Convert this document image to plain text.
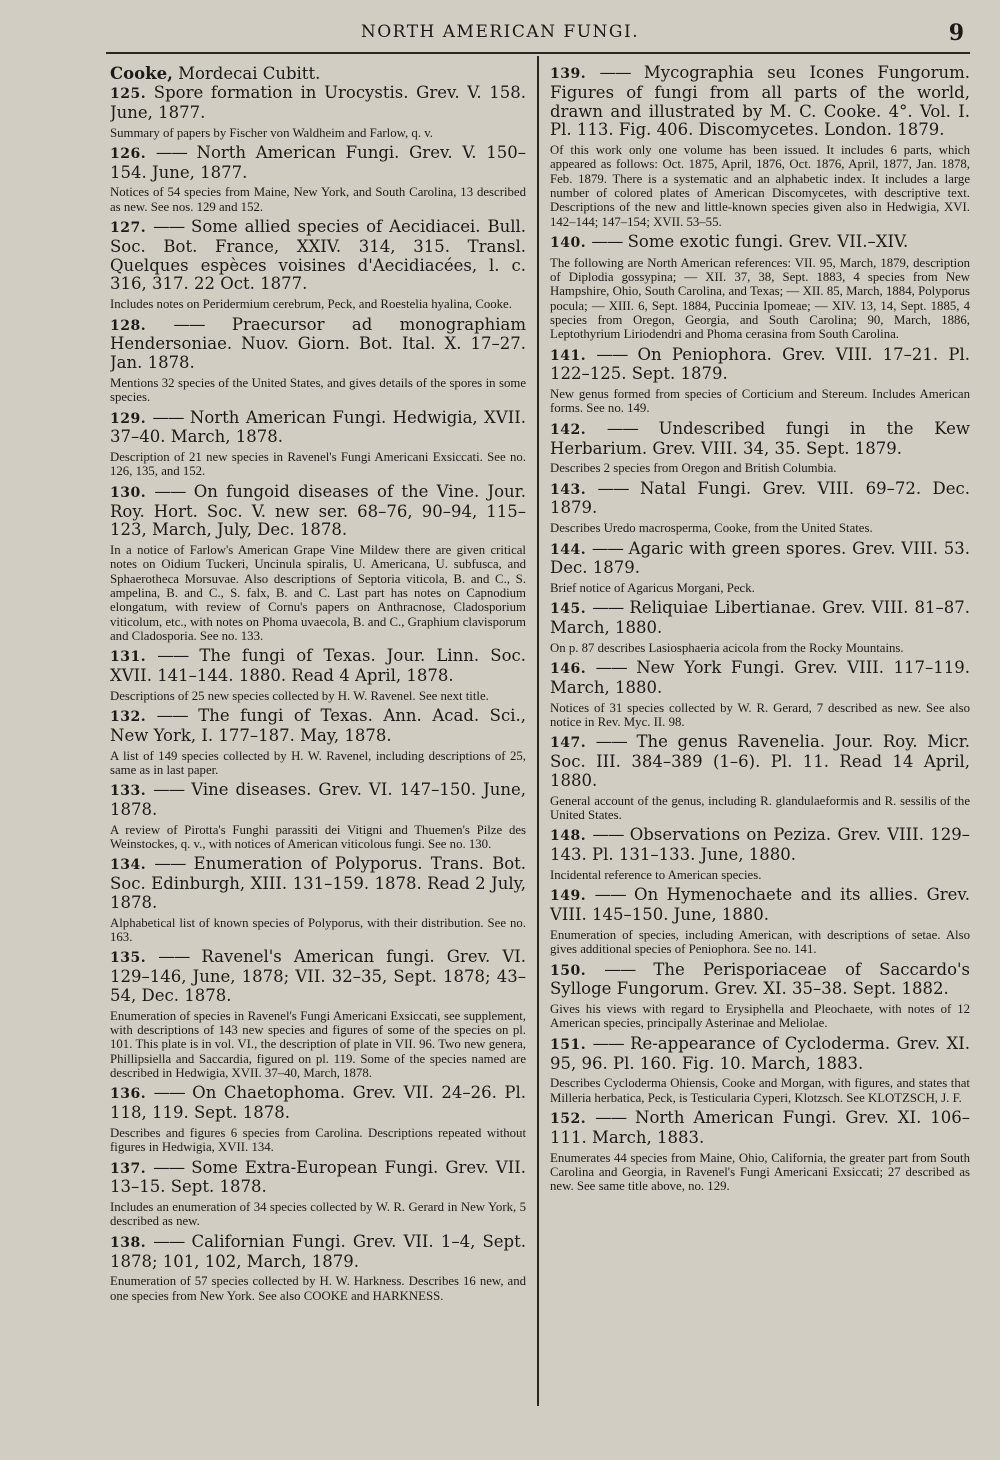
NORTH AMERICAN FUNGI.	9

Cooke, Mordecai Cubitt.

125. Spore formation in Urocystis. Grev. V. 158. June, 1877.

Summary of papers by Fischer von Waldheim and Farlow, q. v.

126. —— North American Fungi. Grev. V. 150–154. June, 1877.

Notices of 54 species from Maine, New York, and South Carolina, 13 described as new. See nos. 129 and 152.

127. —— Some allied species of Aecidiacei. Bull. Soc. Bot. France, XXIV. 314, 315. Transl. Quelques espèces voisines d'Aecidiacées, l. c. 316, 317. 22 Oct. 1877.

Includes notes on Peridermium cerebrum, Peck, and Roestelia hyalina, Cooke.

128. —— Praecursor ad monographiam Hendersoniae. Nuov. Giorn. Bot. Ital. X. 17–27. Jan. 1878.

Mentions 32 species of the United States, and gives details of the spores in some species.

129. —— North American Fungi. Hedwigia, XVII. 37–40. March, 1878.

Description of 21 new species in Ravenel's Fungi Americani Exsiccati. See no. 126, 135, and 152.

130. —— On fungoid diseases of the Vine. Jour. Roy. Hort. Soc. V. new ser. 68–76, 90–94, 115–123, March, July, Dec. 1878.

In a notice of Farlow's American Grape Vine Mildew there are given critical notes on Oidium Tuckeri, Uncinula spiralis, U. Americana, U. subfusca, and Sphaerotheca Morsuvae. Also descriptions of Septoria viticola, B. and C., S. ampelina, B. and C., S. falx, B. and C. Last part has notes on Capnodium elongatum, with review of Cornu's papers on Anthracnose, Cladosporium viticolum, etc., with notes on Phoma uvaecola, B. and C., Graphium clavisporum and Cladosporia. See no. 133.

131. —— The fungi of Texas. Jour. Linn. Soc. XVII. 141–144. 1880. Read 4 April, 1878.

Descriptions of 25 new species collected by H. W. Ravenel. See next title.

132. —— The fungi of Texas. Ann. Acad. Sci., New York, I. 177–187. May, 1878.

A list of 149 species collected by H. W. Ravenel, including descriptions of 25, same as in last paper.

133. —— Vine diseases. Grev. VI. 147–150. June, 1878.

A review of Pirotta's Funghi parassiti dei Vitigni and Thuemen's Pilze des Weinstockes, q. v., with notices of American viticolous fungi. See no. 130.

134. —— Enumeration of Polyporus. Trans. Bot. Soc. Edinburgh, XIII. 131–159. 1878. Read 2 July, 1878.

Alphabetical list of known species of Polyporus, with their distribution. See no. 163.

135. —— Ravenel's American fungi. Grev. VI. 129–146, June, 1878; VII. 32–35, Sept. 1878; 43–54, Dec. 1878.

Enumeration of species in Ravenel's Fungi Americani Exsiccati, see supplement, with descriptions of 143 new species and figures of some of the species on pl. 101. This plate is in vol. VI., the description of plate in VII. 96. Two new genera, Phillipsiella and Saccardia, figured on pl. 119. Some of the species named are described in Hedwigia, XVII. 37–40, March, 1878.

136. —— On Chaetophoma. Grev. VII. 24–26. Pl. 118, 119. Sept. 1878.

Describes and figures 6 species from Carolina. Descriptions repeated without figures in Hedwigia, XVII. 134.

137. —— Some Extra-European Fungi. Grev. VII. 13–15. Sept. 1878.

Includes an enumeration of 34 species collected by W. R. Gerard in New York, 5 described as new.

138. —— Californian Fungi. Grev. VII. 1–4, Sept. 1878; 101, 102, March, 1879.

Enumeration of 57 species collected by H. W. Harkness. Describes 16 new, and one species from New York. See also COOKE and HARKNESS.

139. —— Mycographia seu Icones Fungorum. Figures of fungi from all parts of the world, drawn and illustrated by M. C. Cooke. 4°. Vol. I. Pl. 113. Fig. 406. Discomycetes. London. 1879.

Of this work only one volume has been issued. It includes 6 parts, which appeared as follows: Oct. 1875, April, 1876, Oct. 1876, April, 1877, Jan. 1878, Feb. 1879. There is a systematic and an alphabetic index. It includes a large number of colored plates of American Discomycetes, with descriptive text. Descriptions of the new and little-known species given also in Hedwigia, XVI. 142–144; 147–154; XVII. 53–55.

140. —— Some exotic fungi. Grev. VII.–XIV.

The following are North American references: VII. 95, March, 1879, description of Diplodia gossypina; — XII. 37, 38, Sept. 1883, 4 species from New Hampshire, Ohio, South Carolina, and Texas; — XII. 85, March, 1884, Polyporus pocula; — XIII. 6, Sept. 1884, Puccinia Ipomeae; — XIV. 13, 14, Sept. 1885, 4 species from Oregon, Georgia, and South Carolina; 90, March, 1886, Leptothyrium Liriodendri and Phoma cerasina from South Carolina.

141. —— On Peniophora. Grev. VIII. 17–21. Pl. 122–125. Sept. 1879.

New genus formed from species of Corticium and Stereum. Includes American forms. See no. 149.

142. —— Undescribed fungi in the Kew Herbarium. Grev. VIII. 34, 35. Sept. 1879.

Describes 2 species from Oregon and British Columbia.

143. —— Natal Fungi. Grev. VIII. 69–72. Dec. 1879.

Describes Uredo macrosperma, Cooke, from the United States.

144. —— Agaric with green spores. Grev. VIII. 53. Dec. 1879.

Brief notice of Agaricus Morgani, Peck.

145. —— Reliquiae Libertianae. Grev. VIII. 81–87. March, 1880.

On p. 87 describes Lasiosphaeria acicola from the Rocky Mountains.

146. —— New York Fungi. Grev. VIII. 117–119. March, 1880.

Notices of 31 species collected by W. R. Gerard, 7 described as new. See also notice in Rev. Myc. II. 98.

147. —— The genus Ravenelia. Jour. Roy. Micr. Soc. III. 384–389 (1–6). Pl. 11. Read 14 April, 1880.

General account of the genus, including R. glandulaeformis and R. sessilis of the United States.

148. —— Observations on Peziza. Grev. VIII. 129–143. Pl. 131–133. June, 1880.

Incidental reference to American species.

149. —— On Hymenochaete and its allies. Grev. VIII. 145–150. June, 1880.

Enumeration of species, including American, with descriptions of setae. Also gives additional species of Peniophora. See no. 141.

150. —— The Perisporiaceae of Saccardo's Sylloge Fungorum. Grev. XI. 35–38. Sept. 1882.

Gives his views with regard to Erysiphella and Pleochaete, with notes of 12 American species, principally Asterinae and Meliolae.

151. —— Re-appearance of Cycloderma. Grev. XI. 95, 96. Pl. 160. Fig. 10. March, 1883.

Describes Cycloderma Ohiensis, Cooke and Morgan, with figures, and states that Milleria herbatica, Peck, is Testicularia Cyperi, Klotzsch. See KLOTZSCH, J. F.

152. —— North American Fungi. Grev. XI. 106–111. March, 1883.

Enumerates 44 species from Maine, Ohio, California, the greater part from South Carolina and Georgia, in Ravenel's Fungi Americani Exsiccati; 27 described as new. See same title above, no. 129.
